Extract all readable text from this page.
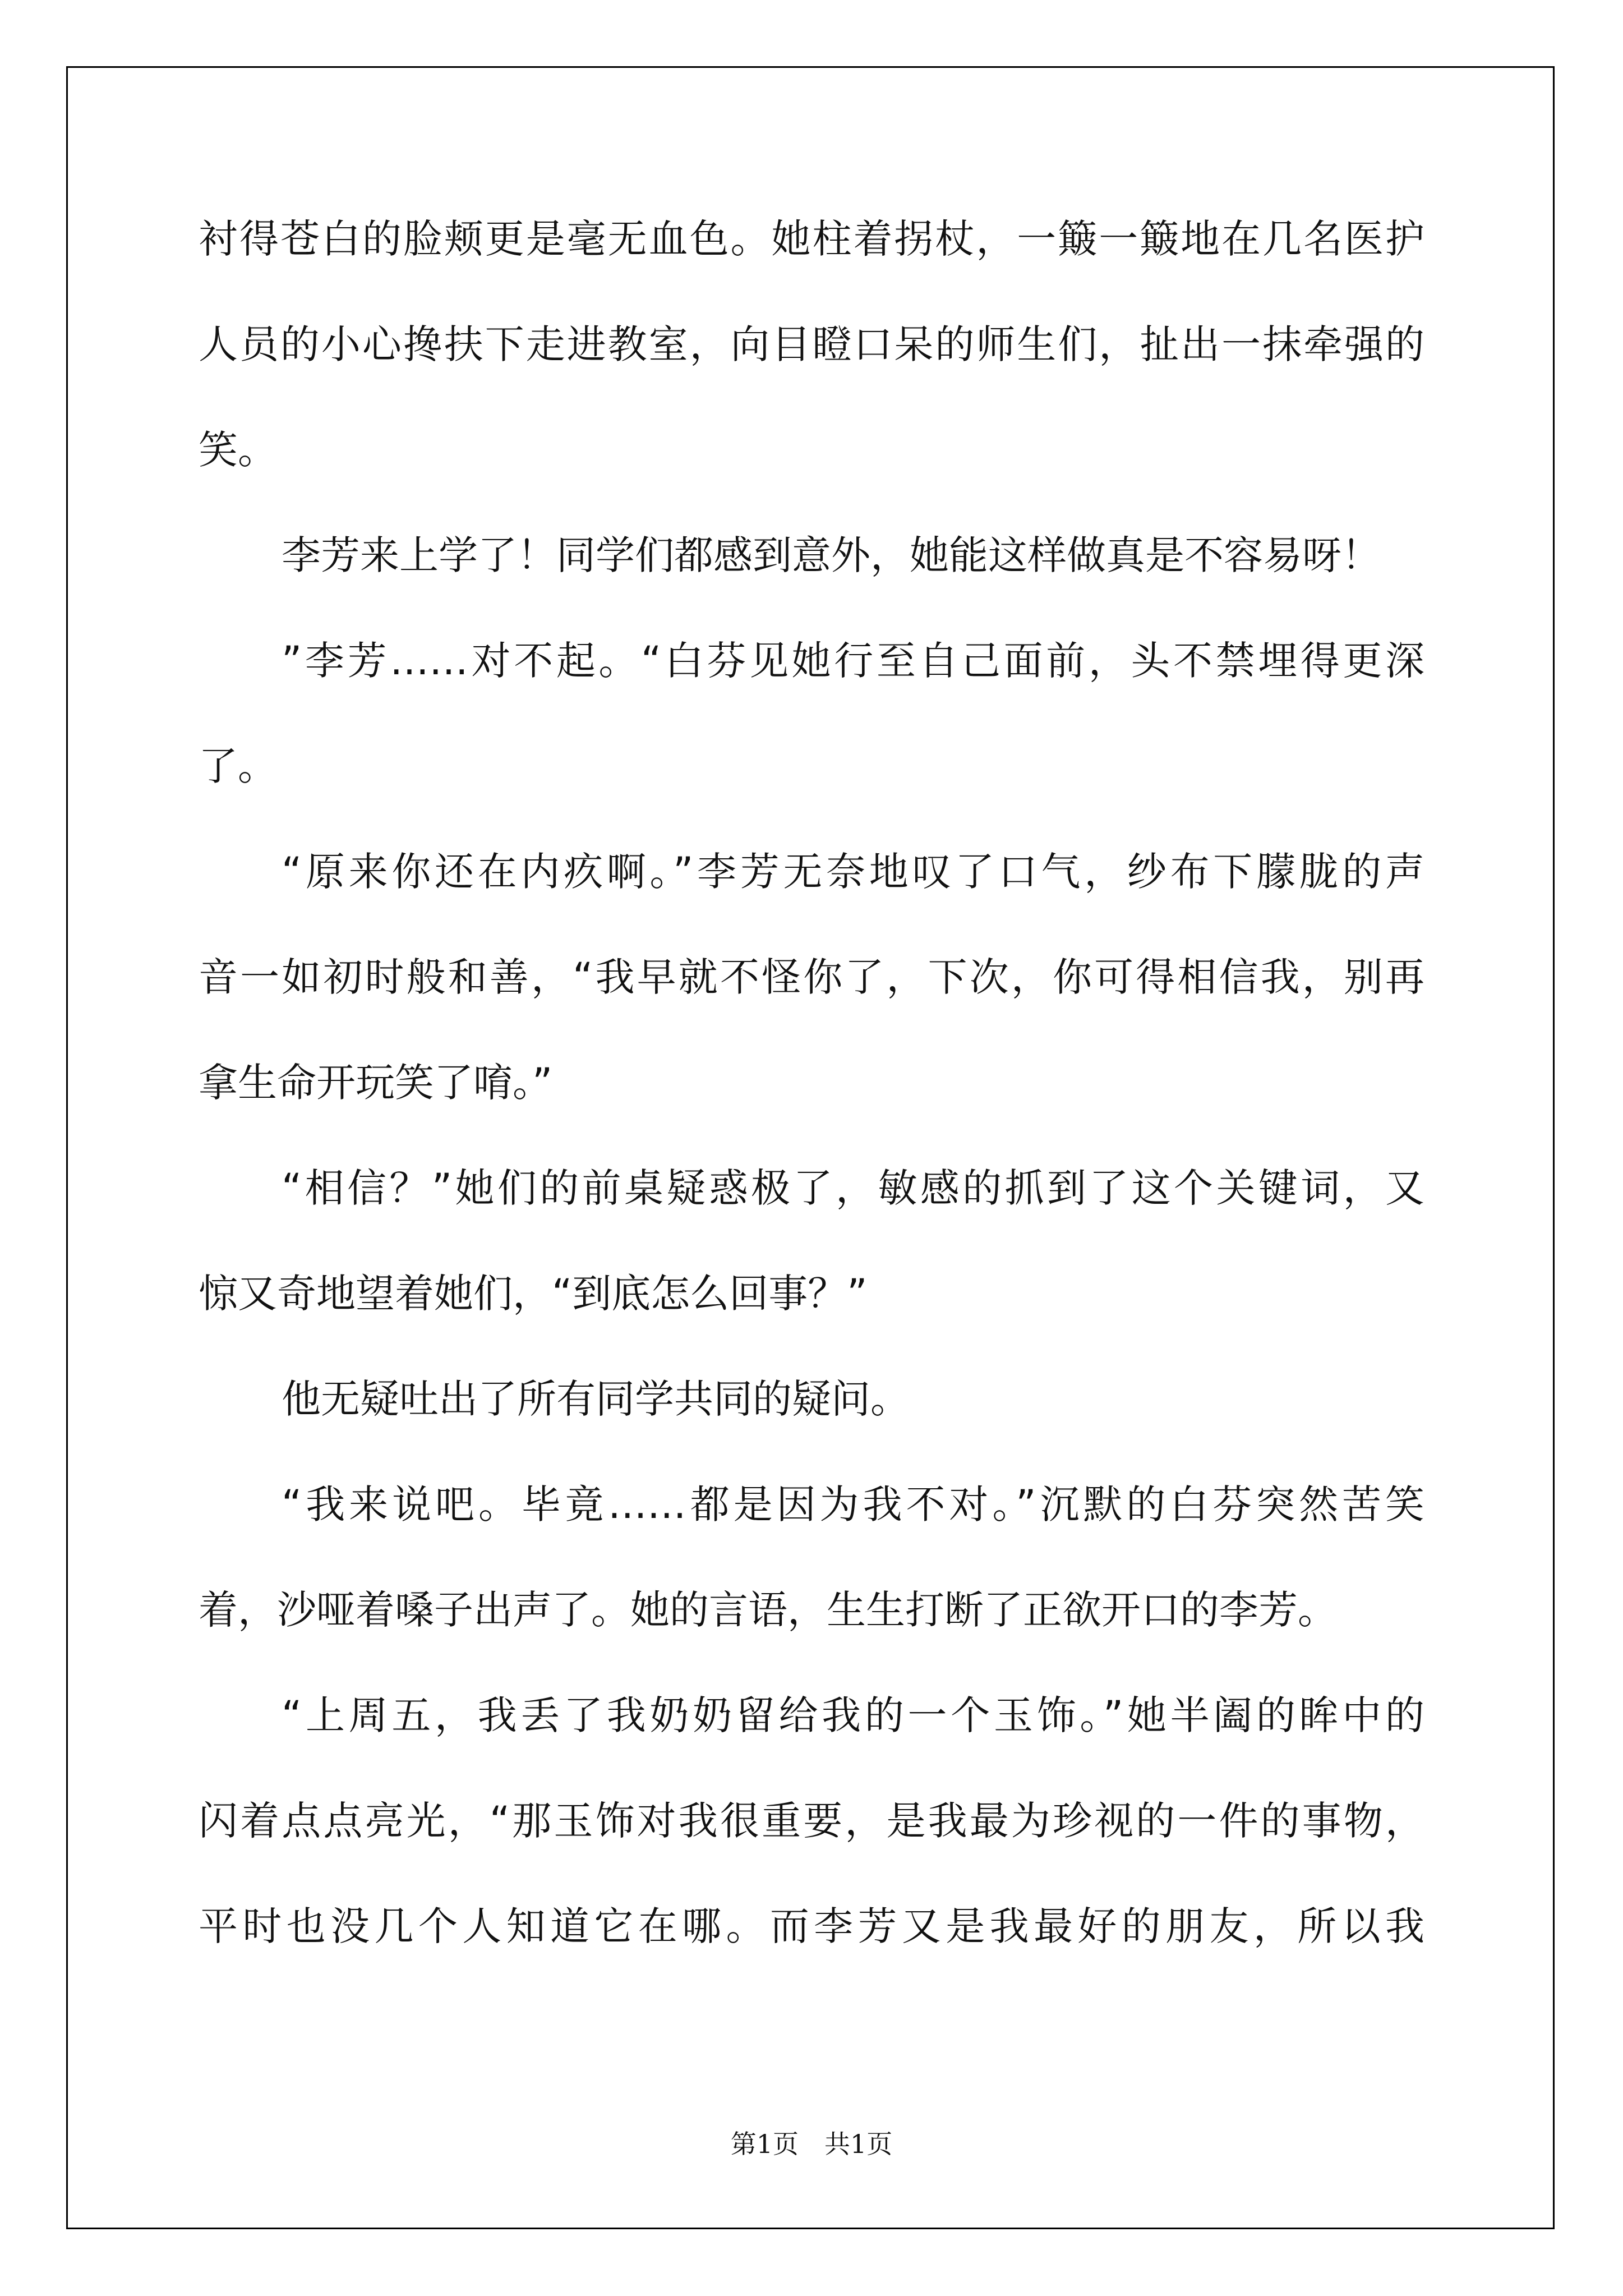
衬得苍白的脸颊更是毫无血色。她柱着拐杖，一簸一簸地在几名医护
人员的小心搀扶下走进教室，向目瞪口呆的师生们，扯出一抹牵强的
笑。
李芳来上学了！同学们都感到意外，她能这样做真是不容易呀！
”李芳……对不起。“白芬见她行至自己面前，头不禁埋得更深
了。
“原来你还在内疚啊。”李芳无奈地叹了口气，纱布下朦胧的声
音一如初时般和善，“我早就不怪你了，下次，你可得相信我，别再
拿生命开玩笑了唷。”
“相信？”她们的前桌疑惑极了，敏感的抓到了这个关键词，又
惊又奇地望着她们，“到底怎么回事？”
他无疑吐出了所有同学共同的疑问。
“我来说吧。毕竟……都是因为我不对。”沉默的白芬突然苦笑
着，沙哑着嗓子出声了。她的言语，生生打断了正欲开口的李芳。
“上周五，我丢了我奶奶留给我的一个玉饰。”她半阖的眸中的
闪着点点亮光，“那玉饰对我很重要，是我最为珍视的一件的事物，
平时也没几个人知道它在哪。而李芳又是我最好的朋友，所以我
第1页　共1页
